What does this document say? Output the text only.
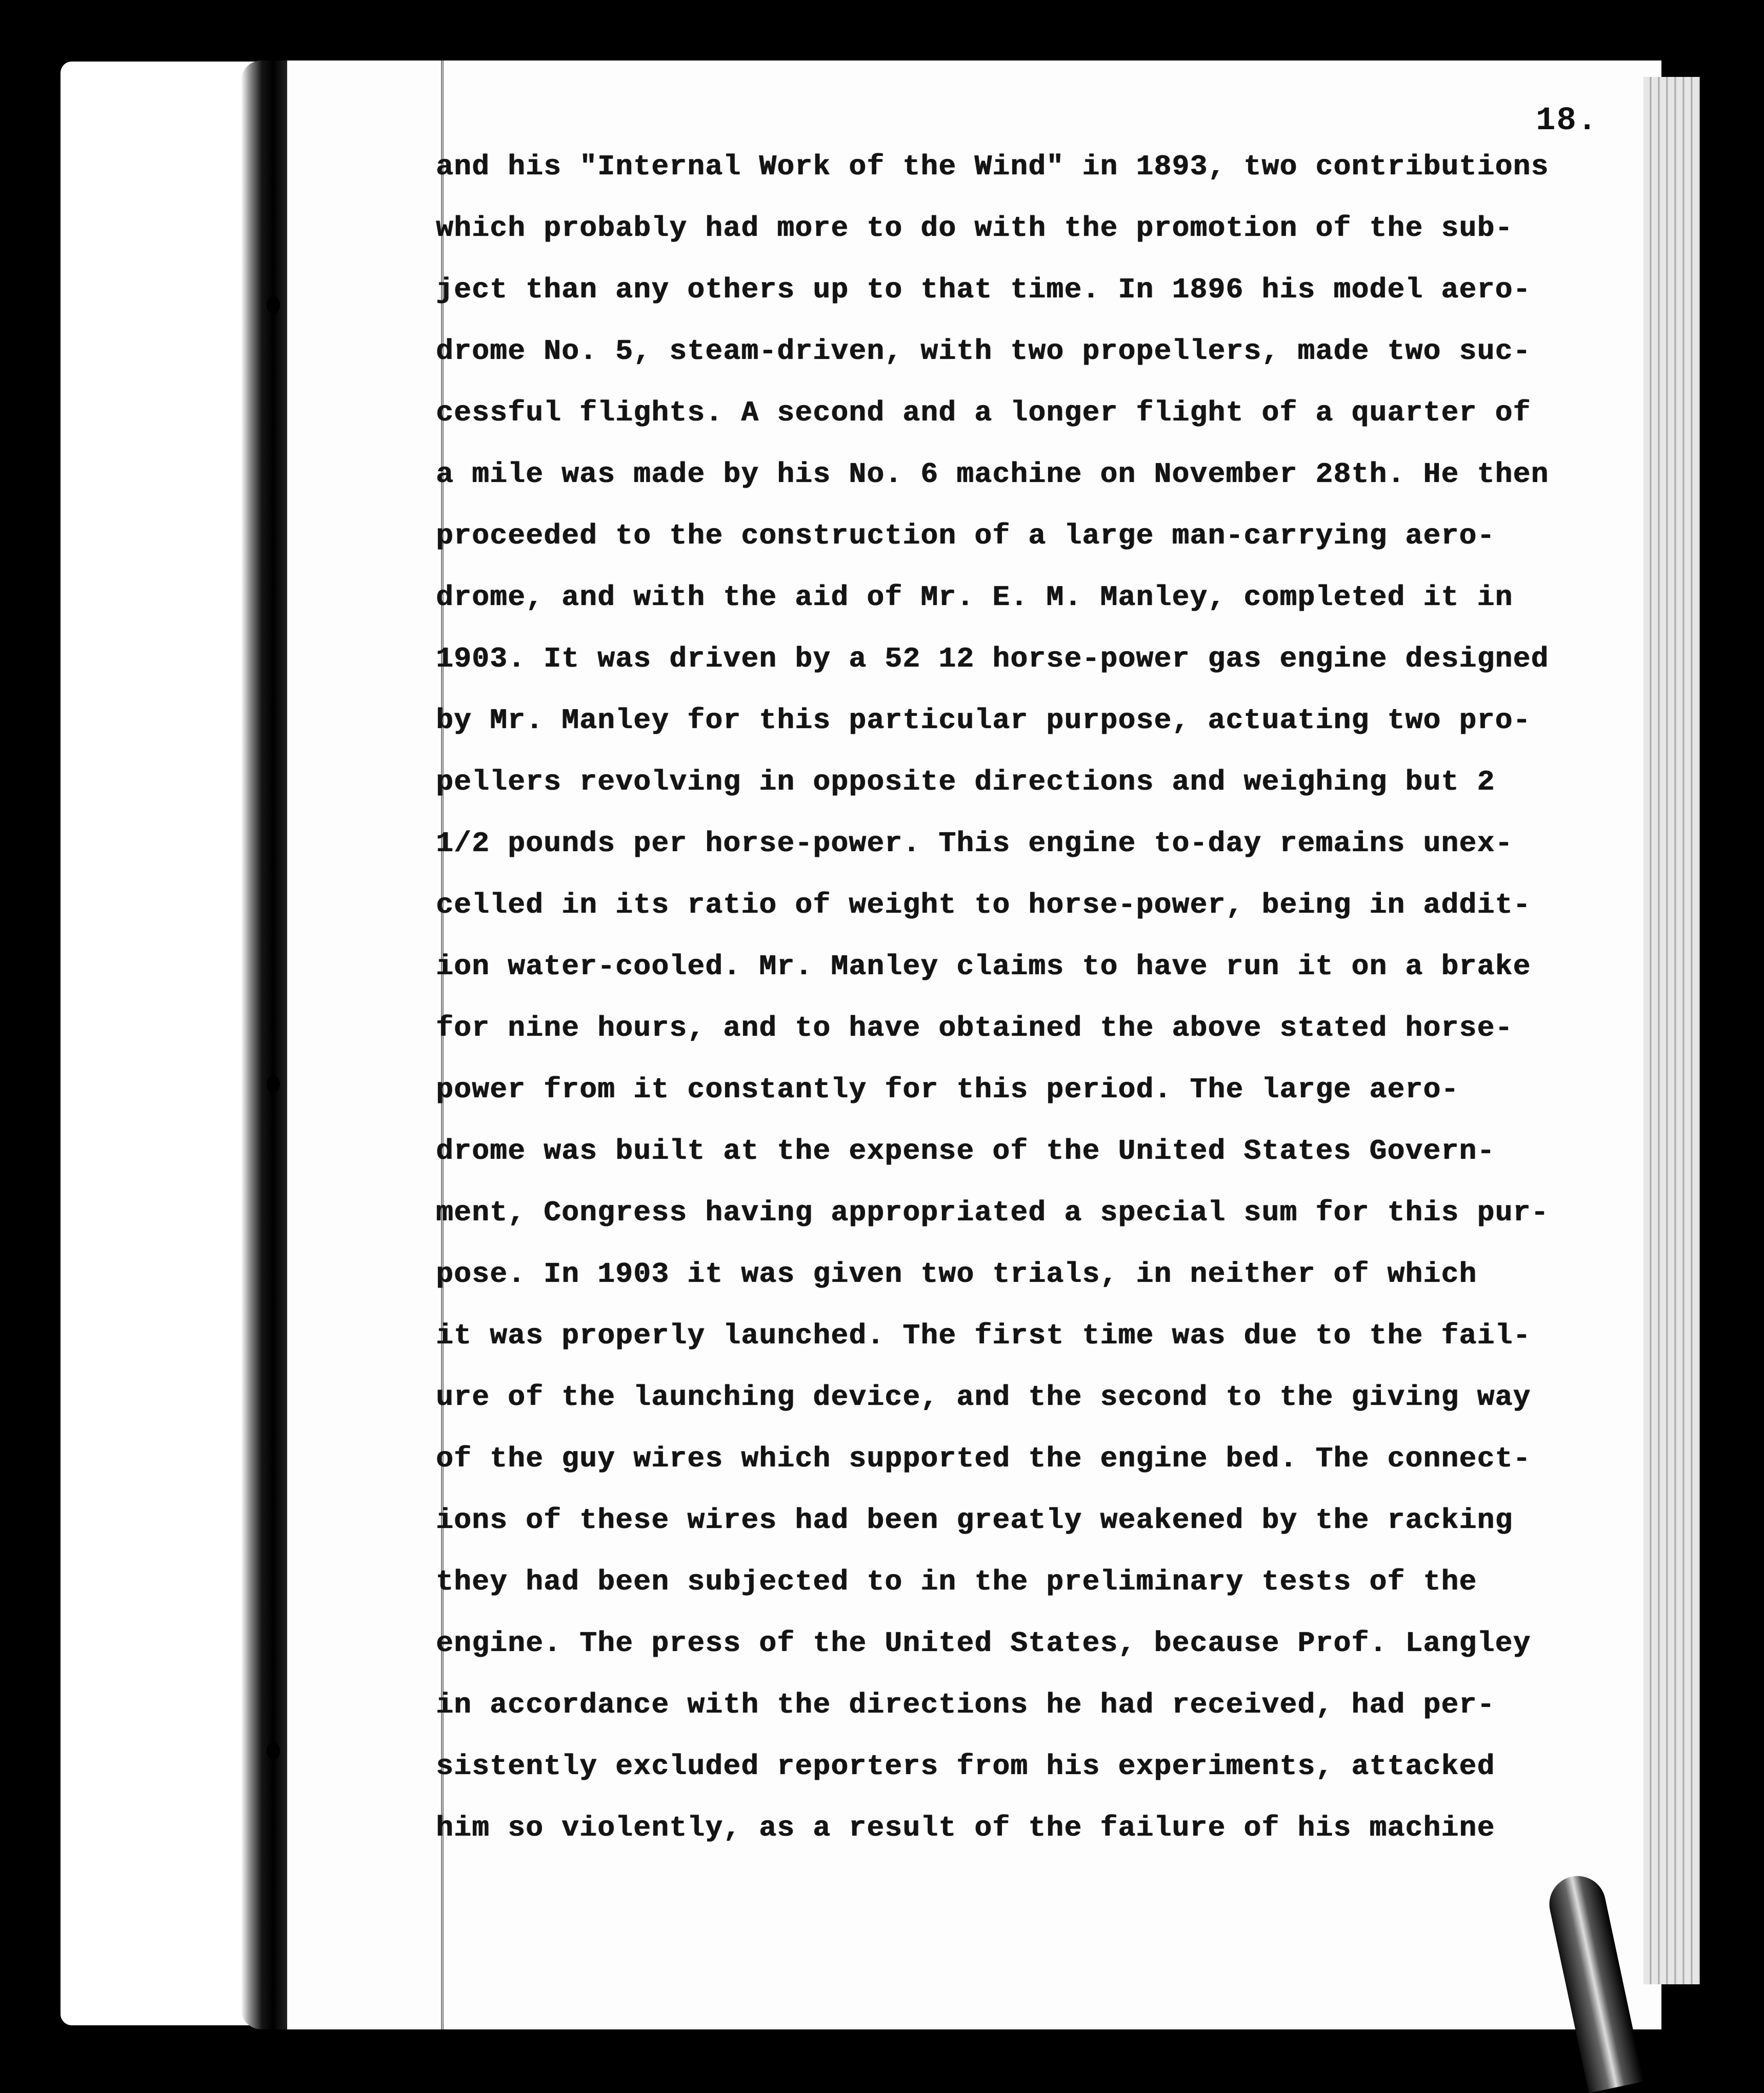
18.
and his "Internal Work of the Wind" in 1893, two contributions
which probably had more to do with the promotion of the sub-
ject than any others up to that time. In 1896 his model aero-
drome No. 5, steam-driven, with two propellers, made two suc-
cessful flights. A second and a longer flight of a quarter of
a mile was made by his No. 6 machine on November 28th. He then
proceeded to the construction of a large man-carrying aero-
drome, and with the aid of Mr. E. M. Manley, completed it in
1903. It was driven by a 52 12 horse-power gas engine designed
by Mr. Manley for this particular purpose, actuating two pro-
pellers revolving in opposite directions and weighing but 2
1/2 pounds per horse-power. This engine to-day remains unex-
celled in its ratio of weight to horse-power, being in addit-
ion water-cooled. Mr. Manley claims to have run it on a brake
for nine hours, and to have obtained the above stated horse-
power from it constantly for this period. The large aero-
drome was built at the expense of the United States Govern-
ment, Congress having appropriated a special sum for this pur-
pose. In 1903 it was given two trials, in neither of which
it was properly launched. The first time was due to the fail-
ure of the launching device, and the second to the giving way
of the guy wires which supported the engine bed. The connect-
ions of these wires had been greatly weakened by the racking
they had been subjected to in the preliminary tests of the
engine. The press of the United States, because Prof. Langley
in accordance with the directions he had received, had per-
sistently excluded reporters from his experiments, attacked
him so violently, as a result of the failure of his machine
